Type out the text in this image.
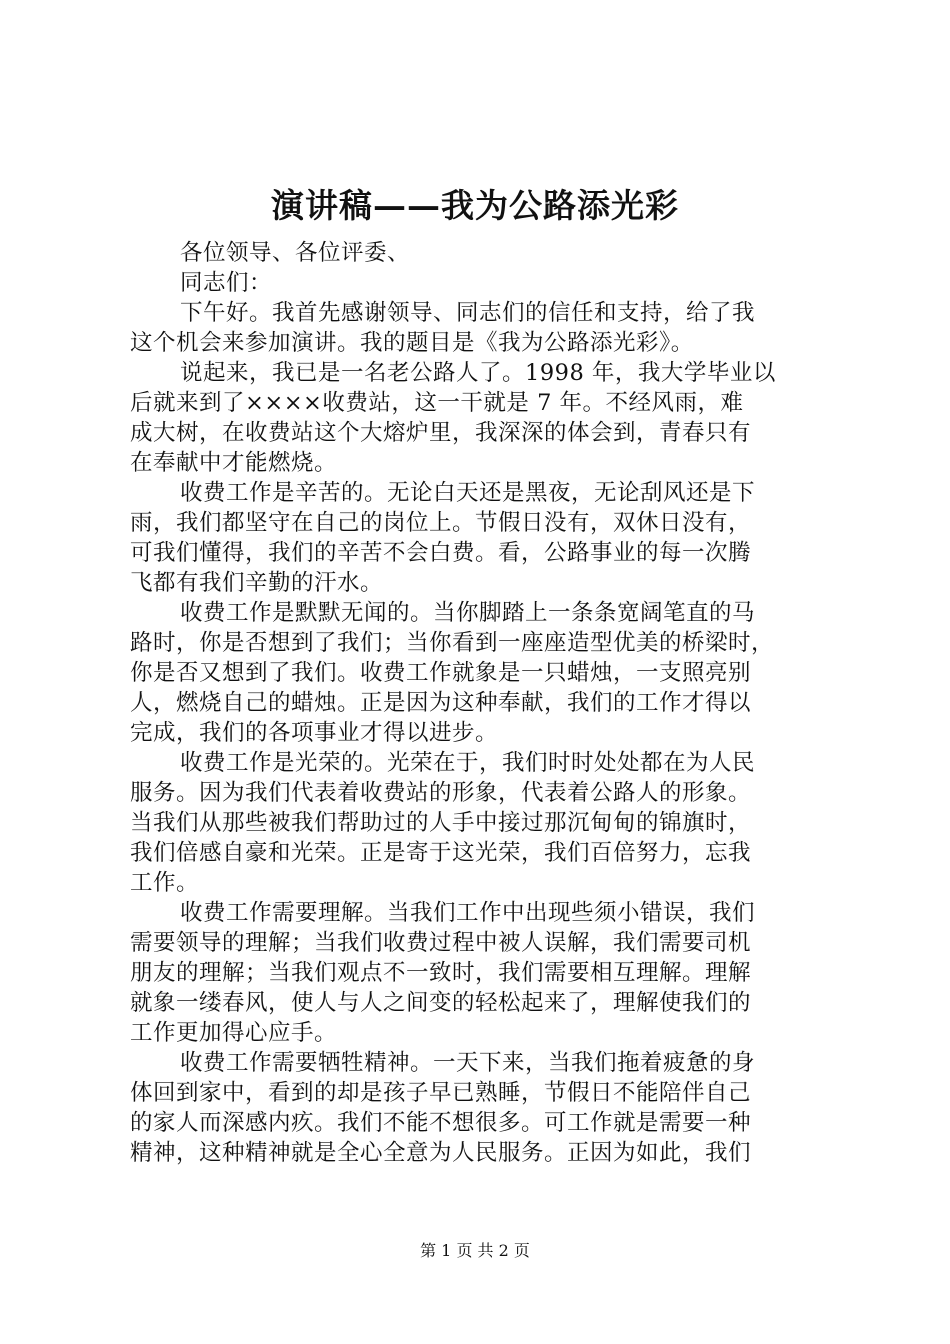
演讲稿——我为公路添光彩
各位领导、各位评委、
同志们：
下午好。我首先感谢领导、同志们的信任和支持，给了我
这个机会来参加演讲。我的题目是《我为公路添光彩》。
说起来，我已是一名老公路人了。1998 年，我大学毕业以
后就来到了××××收费站，这一干就是 7 年。不经风雨，难
成大树，在收费站这个大熔炉里，我深深的体会到，青春只有
在奉献中才能燃烧。
收费工作是辛苦的。无论白天还是黑夜，无论刮风还是下
雨，我们都坚守在自己的岗位上。节假日没有，双休日没有，
可我们懂得，我们的辛苦不会白费。看，公路事业的每一次腾
飞都有我们辛勤的汗水。
收费工作是默默无闻的。当你脚踏上一条条宽阔笔直的马
路时，你是否想到了我们；当你看到一座座造型优美的桥梁时，
你是否又想到了我们。收费工作就象是一只蜡烛，一支照亮别
人，燃烧自己的蜡烛。正是因为这种奉献，我们的工作才得以
完成，我们的各项事业才得以进步。
收费工作是光荣的。光荣在于，我们时时处处都在为人民
服务。因为我们代表着收费站的形象，代表着公路人的形象。
当我们从那些被我们帮助过的人手中接过那沉甸甸的锦旗时，
我们倍感自豪和光荣。正是寄于这光荣，我们百倍努力，忘我
工作。
收费工作需要理解。当我们工作中出现些须小错误，我们
需要领导的理解；当我们收费过程中被人误解，我们需要司机
朋友的理解；当我们观点不一致时，我们需要相互理解。理解
就象一缕春风，使人与人之间变的轻松起来了，理解使我们的
工作更加得心应手。
收费工作需要牺牲精神。一天下来，当我们拖着疲惫的身
体回到家中，看到的却是孩子早已熟睡，节假日不能陪伴自己
的家人而深感内疚。我们不能不想很多。可工作就是需要一种
精神，这种精神就是全心全意为人民服务。正因为如此，我们
第 1 页 共 2 页
